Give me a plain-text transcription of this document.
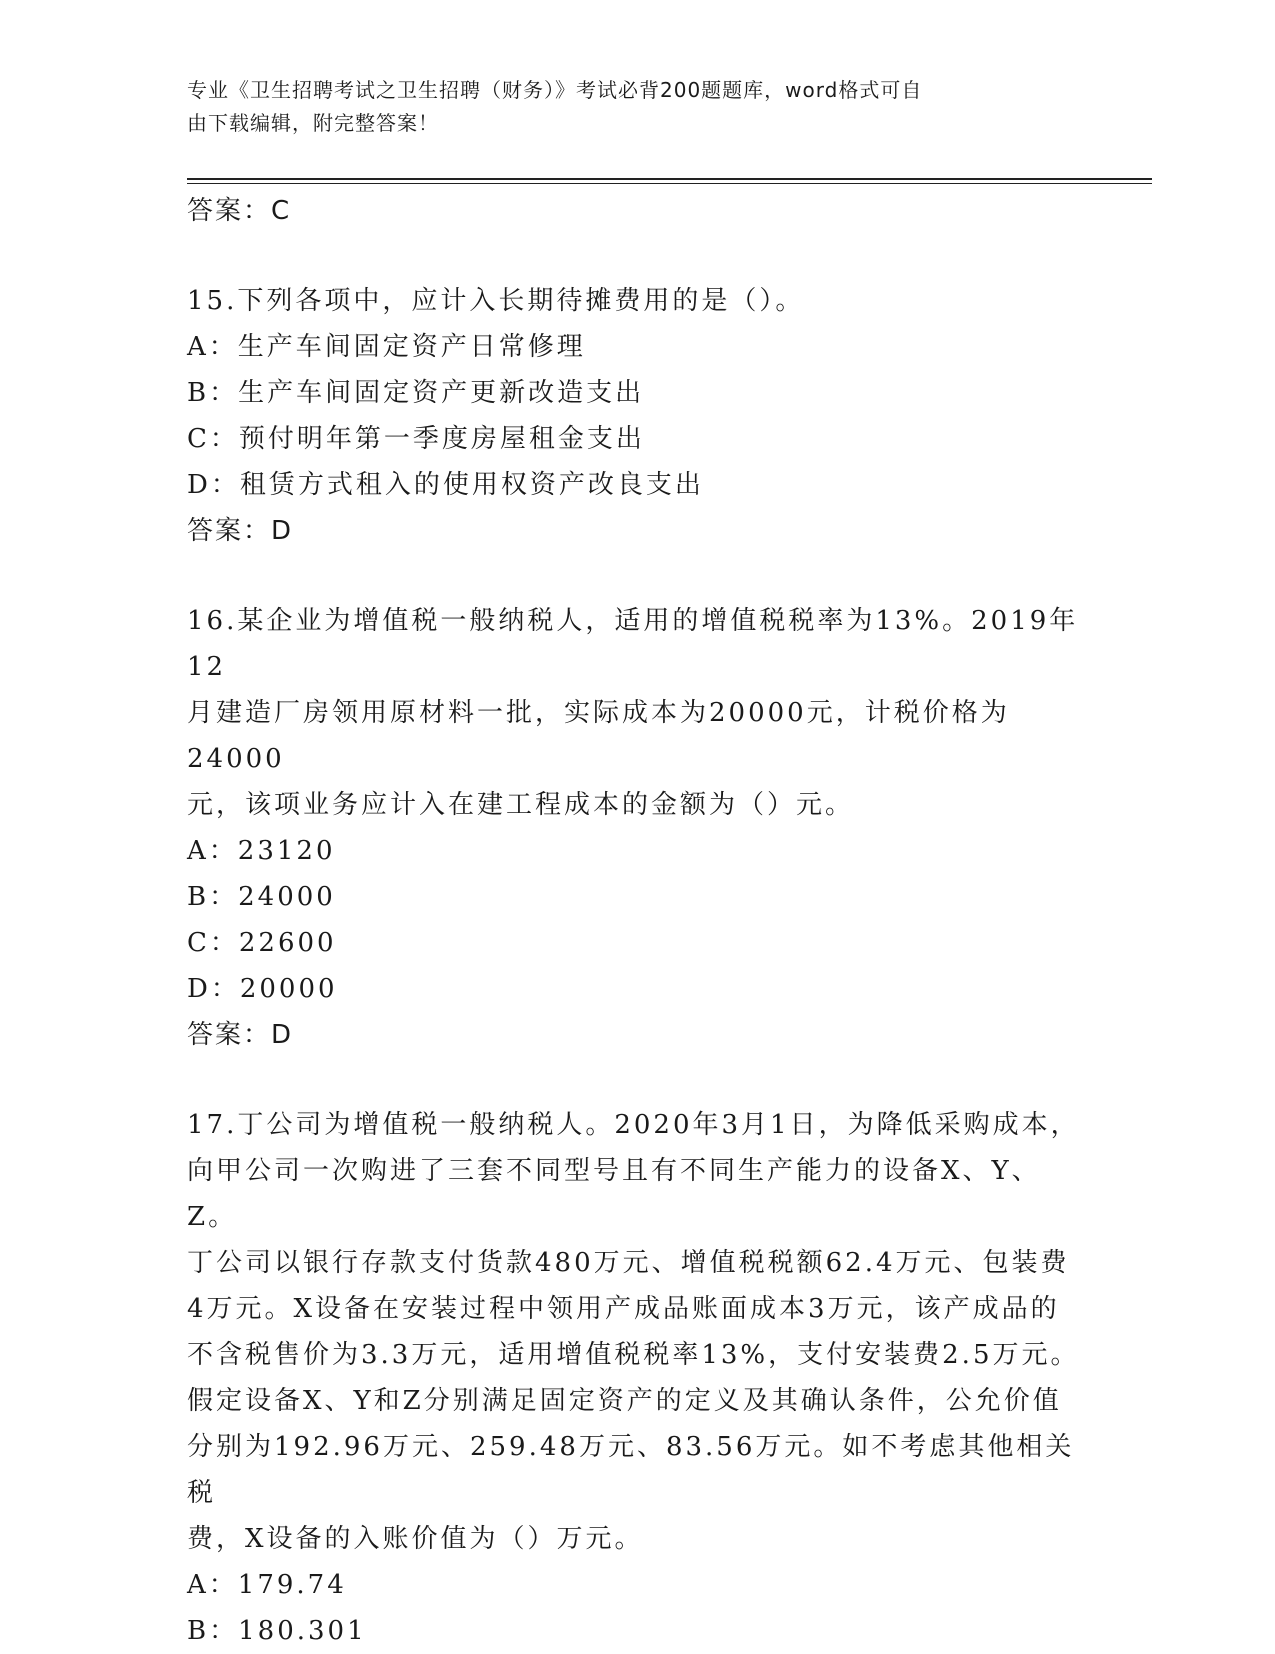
专业《卫生招聘考试之卫生招聘（财务）》考试必背200题题库，word格式可自
由下载编辑，附完整答案！

答案：C

15.下列各项中，应计入长期待摊费用的是（）。

A：生产车间固定资产日常修理

B：生产车间固定资产更新改造支出

C：预付明年第一季度房屋租金支出

D：租赁方式租入的使用权资产改良支出

答案：D

16.某企业为增值税一般纳税人，适用的增值税税率为13%。2019年12

月建造厂房领用原材料一批，实际成本为20000元，计税价格为24000

元，该项业务应计入在建工程成本的金额为（）元。

A：23120

B：24000

C：22600

D：20000

答案：D

17.丁公司为增值税一般纳税人。2020年3月1日，为降低采购成本，

向甲公司一次购进了三套不同型号且有不同生产能力的设备X、Y、Z。

丁公司以银行存款支付货款480万元、增值税税额62.4万元、包装费

4万元。X设备在安装过程中领用产成品账面成本3万元，该产成品的

不含税售价为3.3万元，适用增值税税率13%，支付安装费2.5万元。

假定设备X、Y和Z分别满足固定资产的定义及其确认条件，公允价值

分别为192.96万元、259.48万元、83.56万元。如不考虑其他相关税

费，X设备的入账价值为（）万元。

A：179.74

B：180.301
